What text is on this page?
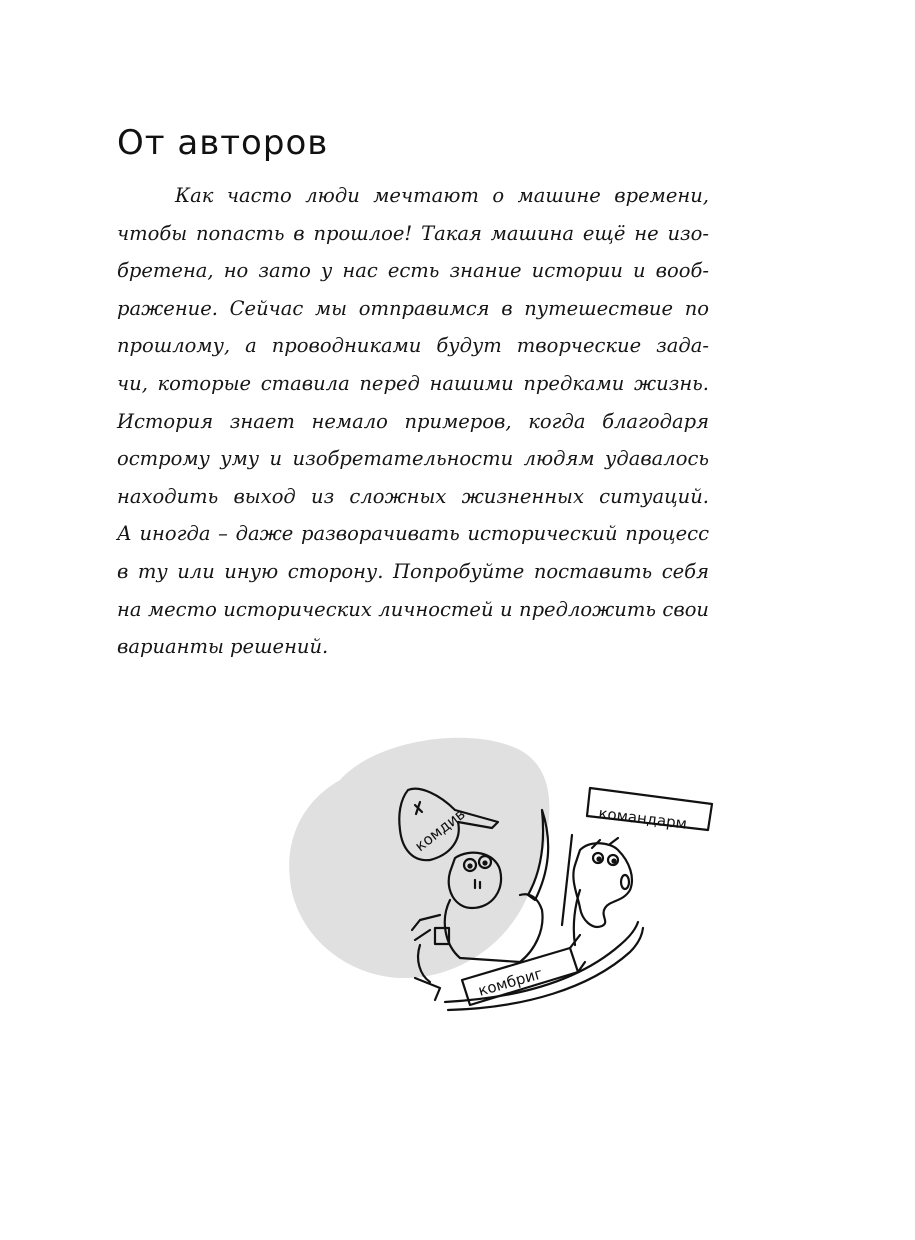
От авторов
Как часто люди мечтают о машине времени,
чтобы попасть в прошлое! Такая машина ещё не изо-
бретена, но зато у нас есть знание истории и вооб-
ражение. Сейчас мы отправимся в путешествие по
прошлому, а проводниками будут творческие зада-
чи, которые ставила перед нашими предками жизнь.
История знает немало примеров, когда благодаря
острому уму и изобретательности людям удавалось
находить выход из сложных жизненных ситуаций.
А иногда – даже разворачивать исторический процесс
в ту или иную сторону. Попробуйте поставить себя
на место исторических личностей и предложить свои
варианты решений.
командарм
комбриг
комдив
